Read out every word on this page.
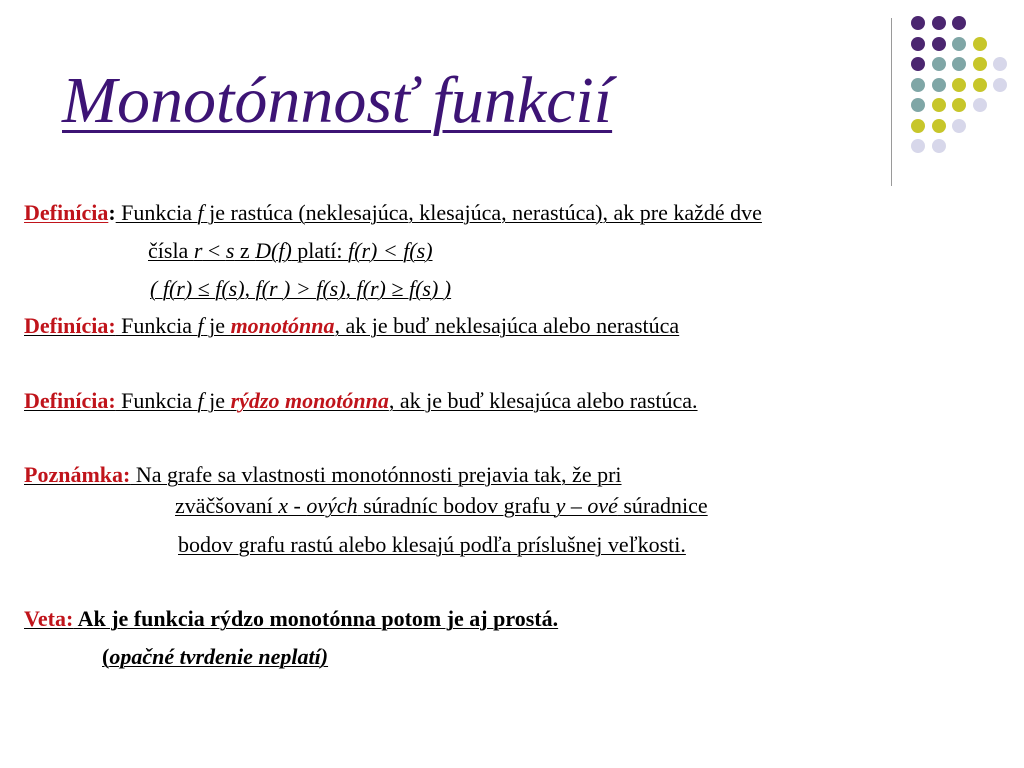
Monotónnosť funkcií
Definícia: Funkcia f je rastúca (neklesajúca, klesajúca, nerastúca), ak pre každé dve
čísla r < s z D(f) platí: f(r) < f(s)
( f(r) ≤ f(s), f(r ) > f(s), f(r) ≥ f(s) )
Definícia: Funkcia f je monotónna, ak je buď neklesajúca alebo nerastúca
Definícia: Funkcia f je rýdzo monotónna, ak je buď klesajúca alebo rastúca.
Poznámka: Na grafe sa vlastnosti monotónnosti prejavia tak, že pri
zväčšovaní x - ových súradníc bodov grafu y – ové súradnice
bodov grafu rastú alebo klesajú podľa príslušnej veľkosti.
Veta: Ak je funkcia rýdzo monotónna potom je aj prostá.
(opačné tvrdenie neplatí)
